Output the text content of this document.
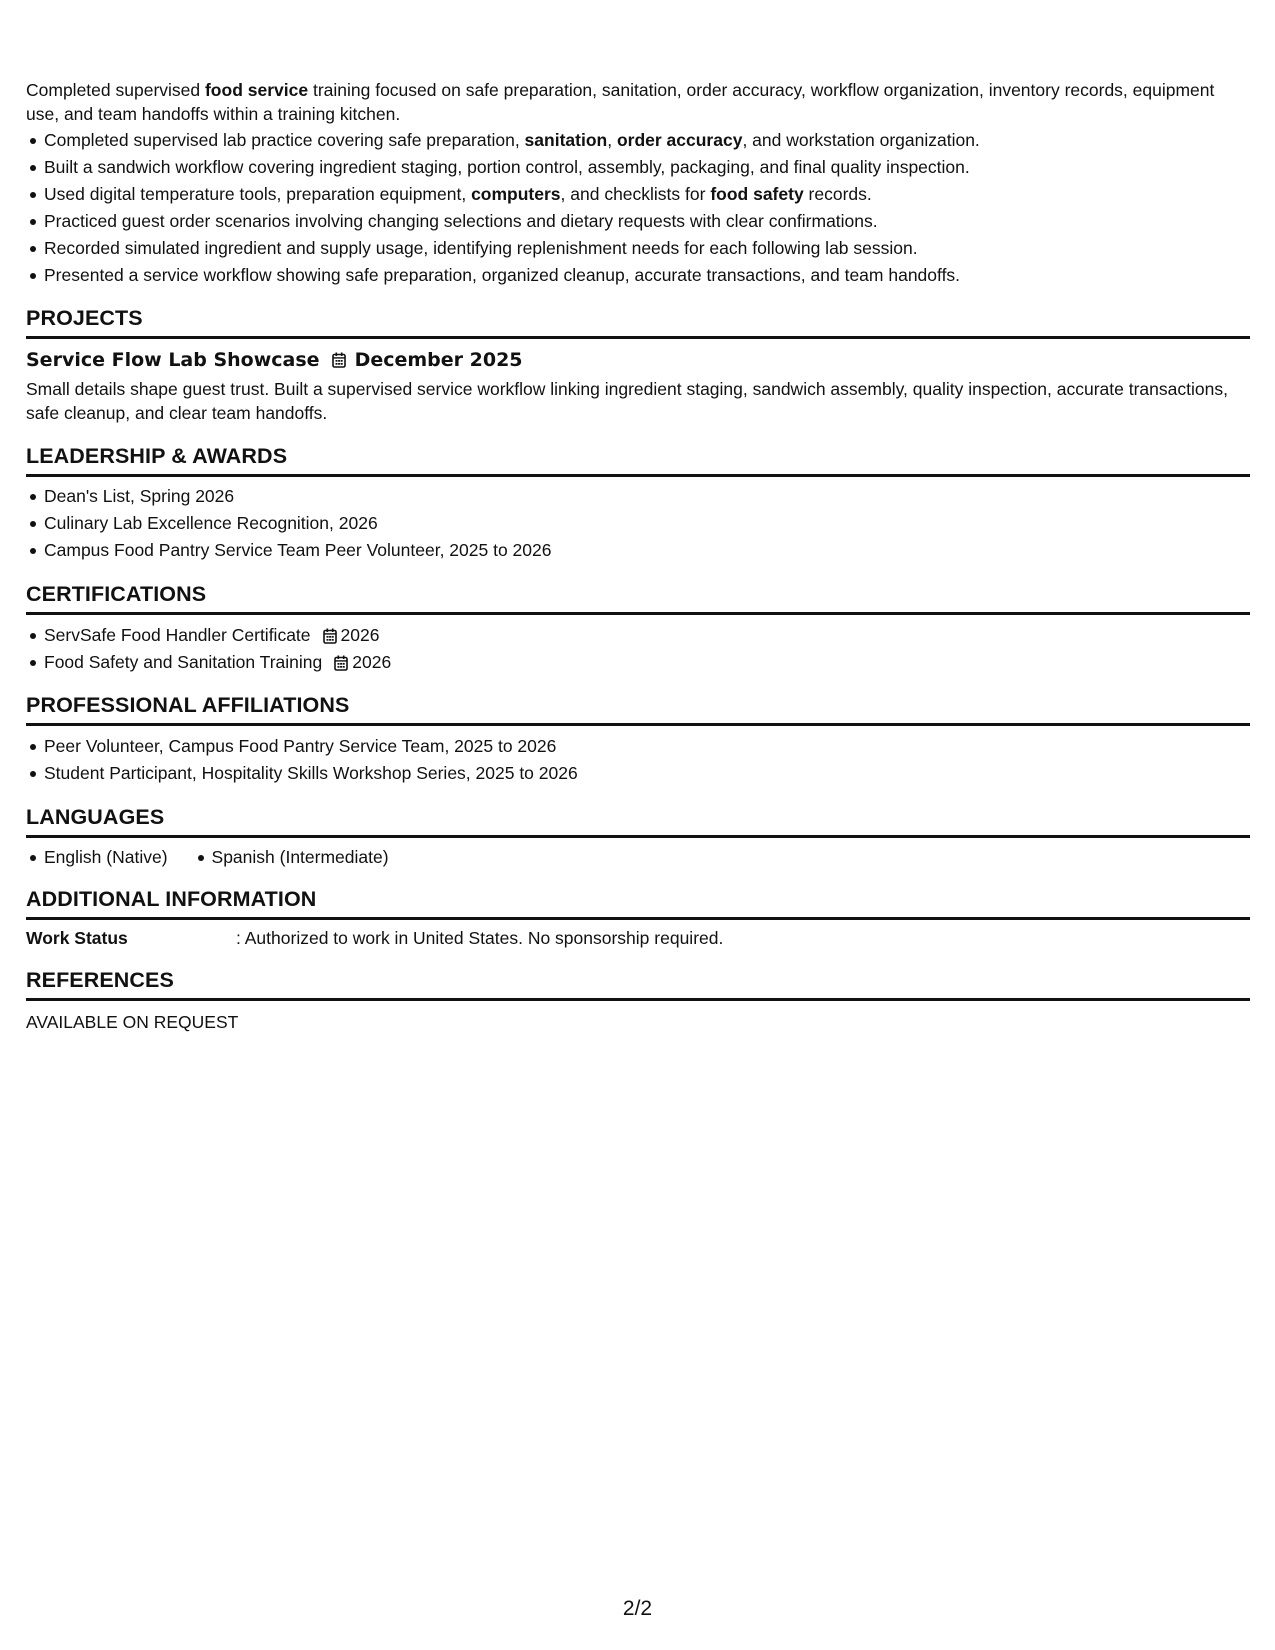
Completed supervised food service training focused on safe preparation, sanitation, order accuracy, workflow organization, inventory records, equipment use, and team handoffs within a training kitchen.

Completed supervised lab practice covering safe preparation, sanitation, order accuracy, and workstation organization.
Built a sandwich workflow covering ingredient staging, portion control, assembly, packaging, and final quality inspection.
Used digital temperature tools, preparation equipment, computers, and checklists for food safety records.
Practiced guest order scenarios involving changing selections and dietary requests with clear confirmations.
Recorded simulated ingredient and supply usage, identifying replenishment needs for each following lab session.
Presented a service workflow showing safe preparation, organized cleanup, accurate transactions, and team handoffs.
PROJECTS
Service Flow Lab Showcase December 2025

Small details shape guest trust. Built a supervised service workflow linking ingredient staging, sandwich assembly, quality inspection, accurate transactions, safe cleanup, and clear team handoffs.

LEADERSHIP & AWARDS
Dean's List, Spring 2026
Culinary Lab Excellence Recognition, 2026
Campus Food Pantry Service Team Peer Volunteer, 2025 to 2026
CERTIFICATIONS
ServSafe Food Handler Certificate 2026
Food Safety and Sanitation Training 2026
PROFESSIONAL AFFILIATIONS
Peer Volunteer, Campus Food Pantry Service Team, 2025 to 2026
Student Participant, Hospitality Skills Workshop Series, 2025 to 2026
LANGUAGES
English (Native)	Spanish (Intermediate)
ADDITIONAL INFORMATION
Work Status	: Authorized to work in United States. No sponsorship required.
REFERENCES
AVAILABLE ON REQUEST
2/2
